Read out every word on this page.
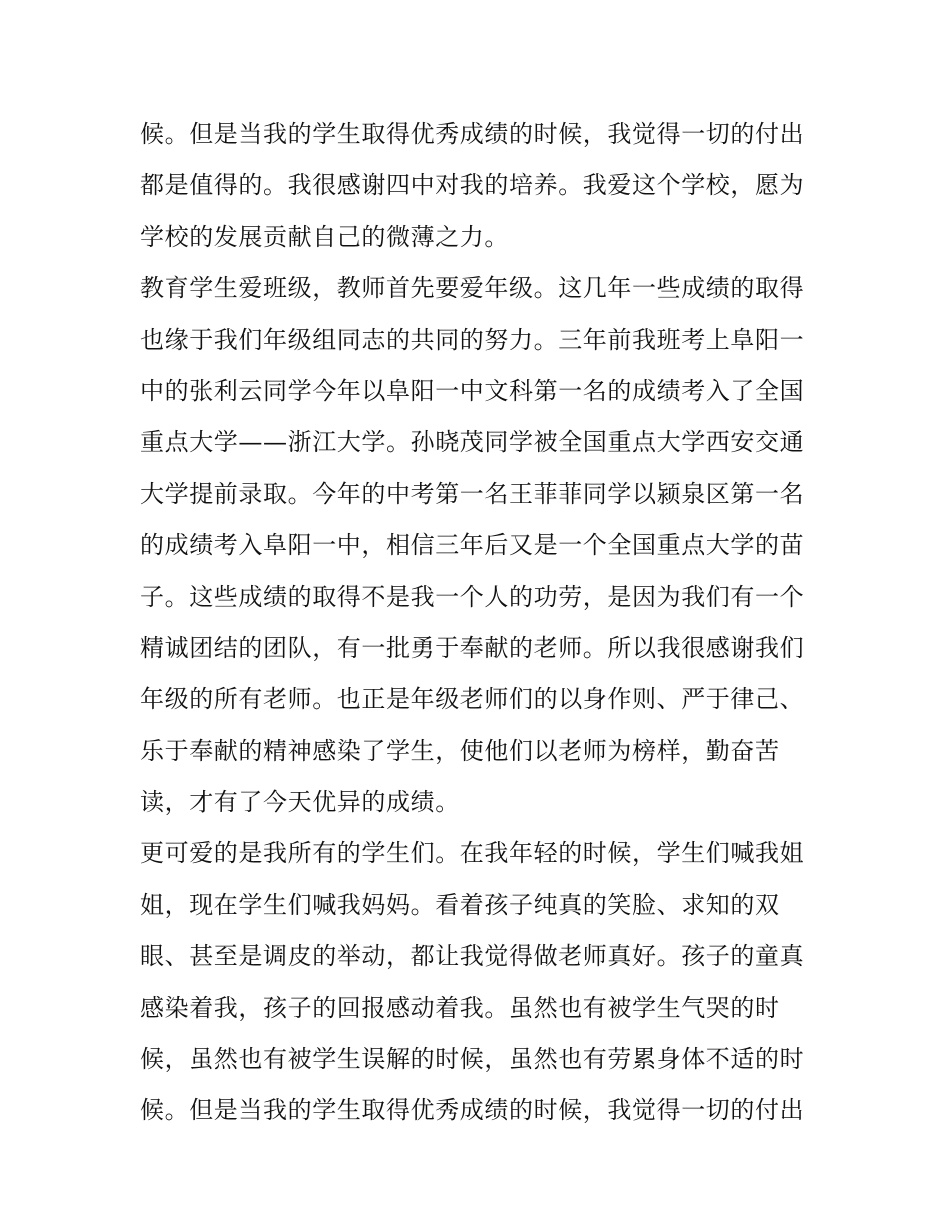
候。但是当我的学生取得优秀成绩的时候，我觉得一切的付出
都是值得的。我很感谢四中对我的培养。我爱这个学校，愿为
学校的发展贡献自己的微薄之力。
教育学生爱班级，教师首先要爱年级。这几年一些成绩的取得
也缘于我们年级组同志的共同的努力。三年前我班考上阜阳一
中的张利云同学今年以阜阳一中文科第一名的成绩考入了全国
重点大学——浙江大学。孙晓茂同学被全国重点大学西安交通
大学提前录取。今年的中考第一名王菲菲同学以颍泉区第一名
的成绩考入阜阳一中，相信三年后又是一个全国重点大学的苗
子。这些成绩的取得不是我一个人的功劳，是因为我们有一个
精诚团结的团队，有一批勇于奉献的老师。所以我很感谢我们
年级的所有老师。也正是年级老师们的以身作则、严于律己、
乐于奉献的精神感染了学生，使他们以老师为榜样，勤奋苦
读，才有了今天优异的成绩。
更可爱的是我所有的学生们。在我年轻的时候，学生们喊我姐
姐，现在学生们喊我妈妈。看着孩子纯真的笑脸、求知的双
眼、甚至是调皮的举动，都让我觉得做老师真好。孩子的童真
感染着我，孩子的回报感动着我。虽然也有被学生气哭的时
候，虽然也有被学生误解的时候，虽然也有劳累身体不适的时
候。但是当我的学生取得优秀成绩的时候，我觉得一切的付出
